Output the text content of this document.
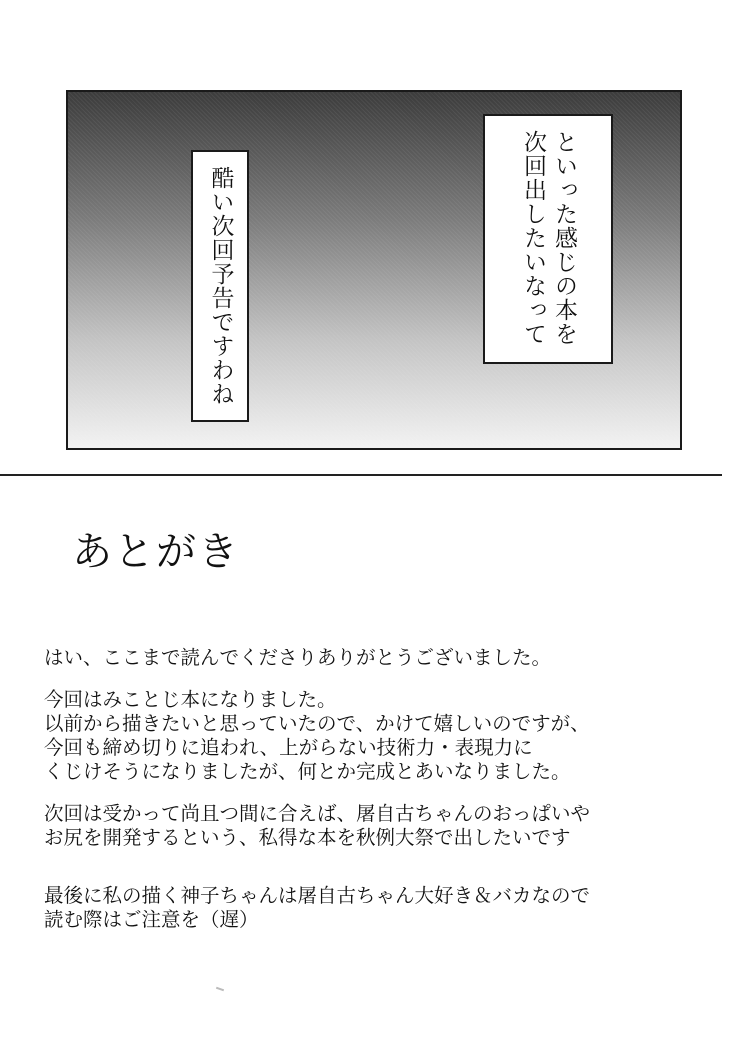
といった感じの本を
次回出したいなって
酷い次回予告ですわね
あとがき
はい、ここまで読んでくださりありがとうございました。
今回はみことじ本になりました。
以前から描きたいと思っていたので、かけて嬉しいのですが、
今回も締め切りに追われ、上がらない技術力・表現力に
くじけそうになりましたが、何とか完成とあいなりました。
次回は受かって尚且つ間に合えば、屠自古ちゃんのおっぱいや
お尻を開発するという、私得な本を秋例大祭で出したいです
最後に私の描く神子ちゃんは屠自古ちゃん大好き＆バカなので
読む際はご注意を（遅）
